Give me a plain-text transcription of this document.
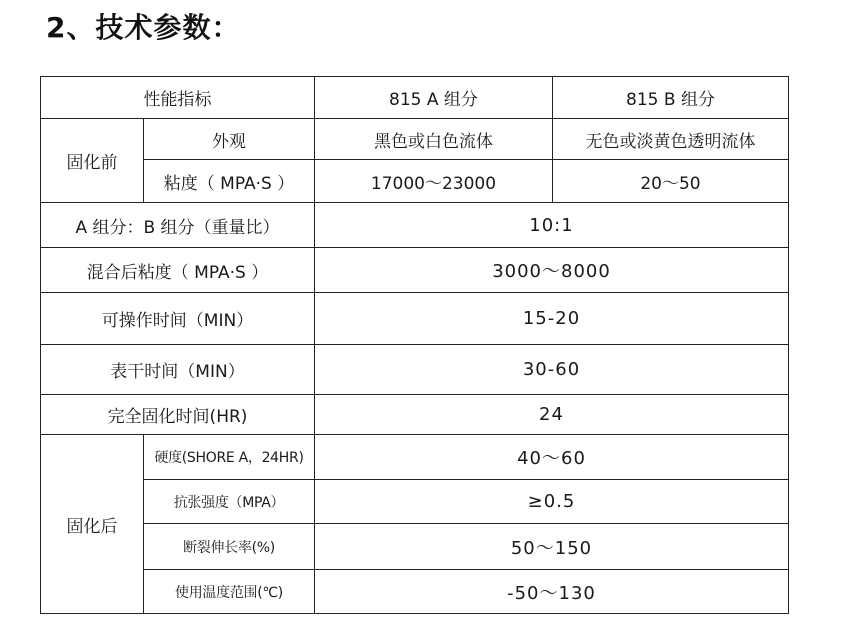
2、技术参数：
性能指标		815 A 组分	815 B 组分
固化前	外观	黑色或白色流体	无色或淡黄色透明流体
	粘度（ MPA·S ）	17000～23000	20～50
A 组分：B 组分（重量比）		10:1	
混合后粘度（ MPA·S ）		3000～8000	
可操作时间（MIN）		15-20	
表干时间（MIN）		30-60	
完全固化时间(HR)		24	
固化后	硬度(SHORE A，24HR)	40～60	
	抗张强度（MPA）	≥0.5	
	断裂伸长率(%)	50～150	
	使用温度范围(℃)	-50～130	
